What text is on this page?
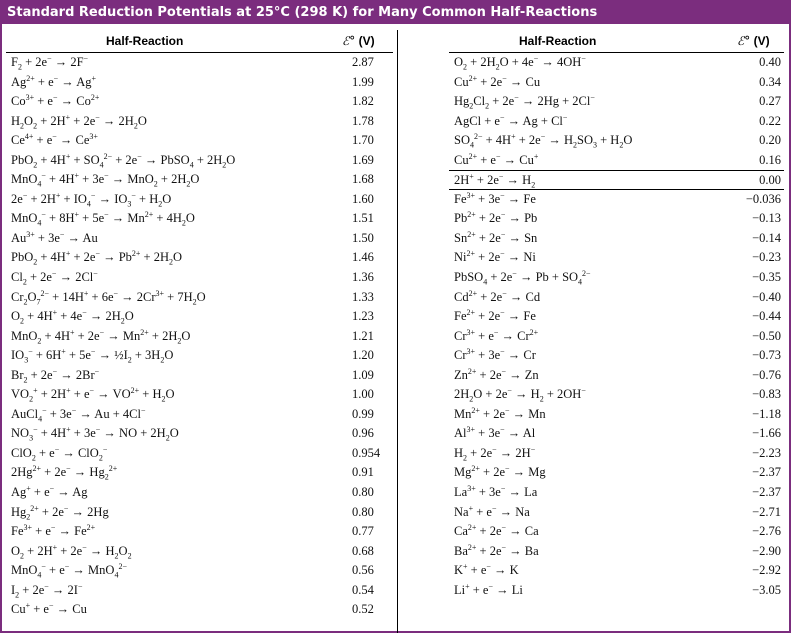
Standard Reduction Potentials at 25°C (298 K) for Many Common Half-Reactions
Half-Reaction	ℰ° (V)
$F_2 + 2e^- \to 2F^-$	2.87
$Ag^{2+} + e^- \to Ag^+$	1.99
$Co^{3+} + e^- \to Co^{2+}$	1.82
$H_2O_2 + 2H^+ + 2e^- \to 2H_2O$	1.78
$Ce^{4+} + e^- \to Ce^{3+}$	1.70
$PbO_2 + 4H^+ + SO_4^{2-} + 2e^-$ → PbSO$_4$ + $2H_2O$	1.69
$MnO_4^- + 4H^+ + 3e^- \to MnO_2 + 2H_2O$	1.68
$2e^- + 2H^+ + IO_4^- \to IO_3^- + H_2O$	1.60
$MnO_4^- + 8H^+ + 5e^- \to Mn^{2+} + 4H_2O$	1.51
$Au^{3+} + 3e^- \to Au$	1.50
$PbO_2 + 4H^+ + 2e^- \to Pb^{2+} + 2H_2O$	1.46
$Cl_2 + 2e^- \to 2Cl^-$	1.36
$Cr_2O_7^{2-} + 14H^+ + 6e^- \to 2Cr^{3+} + 7H_2O$	1.33
$O_2 + 4H^+ + 4e^- \to 2H_2O$	1.23
$MnO_2 + 4H^+ + 2e^- \to Mn^{2+} + 2H_2O$	1.21
$IO_3^- + 6H^+ + 5e^-$ → $\frac{1}{2}I_2 + 3H_2O$	1.20
$Br_2 + 2e^- \to 2Br^-$	1.09
$VO_2^+ + 2H^+ + e^- \to VO^{2+} + H_2O$	1.00
AuCl$_4$− + 3e− → Au + 4Cl−	0.99
$NO_3^- + 4H^+ + 3e^-$ → NO + $2H_2O$	0.96
ClO$_2$ + e− → ClO$_2$−	0.954
$2Hg^{2+} + 2e^- \to Hg_2^{2+}$	0.91
Ag+ + e− → Ag	0.80
$Hg_2^{2+} + 2e^- \to 2Hg$	0.80
$Fe^{3+} + e^- \to Fe^{2+}$	0.77
$O_2 + 2H^+ + 2e^- \to H_2O_2$	0.68
MnO$_4$− + e− → MnO$_4^{2-}$	0.56
$I_2 + 2e^- \to 2I^-$	0.54
Cu+ + e− → Cu	0.52
Half-Reaction	ℰ° (V)
$O_2 + 2H_2O + 4e^- \to 4OH^-$	0.40
$Cu^{2+} + 2e^- \to Cu$	0.34
$Hg_2Cl_2 + 2e^- \to 2Hg + 2Cl^-$	0.27
AgCl + e− → Ag + Cl−	0.22
$SO_4^{2-} + 4H^+ + 2e^- \to H_2SO_3 + H_2O$	0.20
$Cu^{2+} + e^- \to Cu^+$	0.16
$2H^+ + 2e^- \to H_2$	0.00
$Fe^{3+} + 3e^- \to Fe$	−0.036
$Pb^{2+} + 2e^- \to Pb$	−0.13
$Sn^{2+} + 2e^- \to Sn$	−0.14
$Ni^{2+} + 2e^- \to Ni$	−0.23
PbSO$_4$ + $2e^- \to Pb + SO_4^{2-}$	−0.35
$Cd^{2+} + 2e^- \to Cd$	−0.40
$Fe^{2+} + 2e^- \to Fe$	−0.44
$Cr^{3+} + e^- \to Cr^{2+}$	−0.50
$Cr^{3+} + 3e^- \to Cr$	−0.73
$Zn^{2+} + 2e^- \to Zn$	−0.76
$2H_2O + 2e^- \to H_2 + 2OH^-$	−0.83
$Mn^{2+} + 2e^- \to Mn$	−1.18
$Al^{3+} + 3e^- \to Al$	−1.66
$H_2 + 2e^- \to 2H^-$	−2.23
$Mg^{2+} + 2e^- \to Mg$	−2.37
$La^{3+} + 3e^- \to La$	−2.37
Na+ + e− → Na	−2.71
$Ca^{2+} + 2e^- \to Ca$	−2.76
$Ba^{2+} + 2e^- \to Ba$	−2.90
K+ + e− → K	−2.92
Li+ + e− → Li	−3.05
